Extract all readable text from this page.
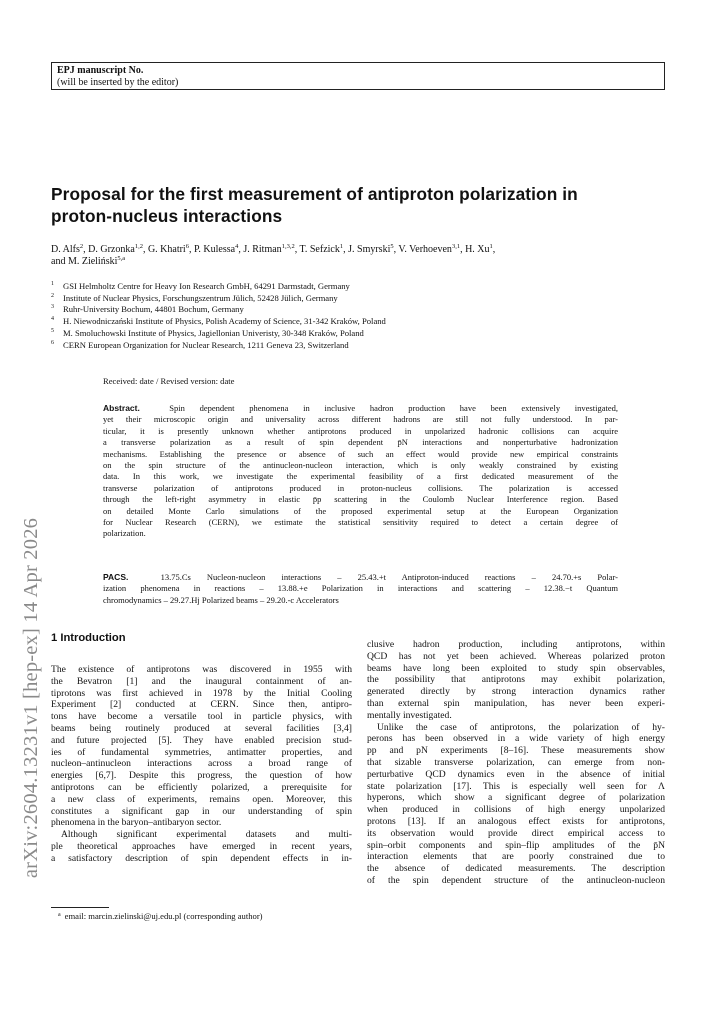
EPJ manuscript No.
(will be inserted by the editor)
Proposal for the first measurement of antiproton polarization in
proton-nucleus interactions
D. Alfs$^2$, D. Grzonka$^{1,2}$, G. Khatri$^6$, P. Kulessa$^4$, J. Ritman$^{1,3,2}$, T. Sefzick$^1$, J. Smyrski$^5$, V. Verhoeven$^{3,1}$, H. Xu$^1$,
and M. Zieliński$^{5,a}$
1 GSI Helmholtz Centre for Heavy Ion Research GmbH, 64291 Darmstadt, Germany
2 Institute of Nuclear Physics, Forschungszentrum Jülich, 52428 Jülich, Germany
3 Ruhr-University Bochum, 44801 Bochum, Germany
4 H. Niewodniczański Institute of Physics, Polish Academy of Science, 31-342 Kraków, Poland
5 M. Smoluchowski Institute of Physics, Jagiellonian Univeristy, 30-348 Kraków, Poland
6 CERN European Organization for Nuclear Research, 1211 Geneva 23, Switzerland
Received: date / Revised version: date
Abstract.	Spin dependent phenomena in inclusive hadron production have been extensively investigated,
yet their microscopic origin and universality across different hadrons are still not fully understood. In par-
ticular, it is presently unknown whether antiprotons produced in unpolarized hadronic collisions can acquire
a transverse polarization as a result of spin dependent p̄N interactions and nonperturbative hadronization
mechanisms. Establishing the presence or absence of such an effect would provide new empirical constraints
on the spin structure of the antinucleon-nucleon interaction, which is only weakly constrained by existing
data. In this work, we investigate the experimental feasibility of a first dedicated measurement of the
transverse polarization of antiprotons produced in proton-nucleus collisions. The polarization is accessed
through the left-right asymmetry in elastic p̄p scattering in the Coulomb Nuclear Interference region. Based
on detailed Monte Carlo simulations of the proposed experimental setup at the European Organization
for Nuclear Research (CERN), we estimate the statistical sensitivity required to detect a certain degree of
polarization.
PACS.	13.75.Cs Nucleon-nucleon interactions – 25.43.+t Antiproton-induced reactions – 24.70.+s Polar-
ization phenomena in reactions – 13.88.+e Polarization in interactions and scattering – 12.38.−t Quantum
chromodynamics – 29.27.Hj Polarized beams – 29.20.-c Accelerators
arXiv:2604.13231v1 [hep-ex] 14 Apr 2026 1 Introduction
The existence of antiprotons was discovered in 1955 with
the Bevatron [1] and the inaugural containment of an-
tiprotons was first achieved in 1978 by the Initial Cooling
Experiment [2] conducted at CERN. Since then, antipro-
tons have become a versatile tool in particle physics, with
beams being routinely produced at several facilities [3,4]
and future projected [5]. They have enabled precision stud-
ies of fundamental symmetries, antimatter properties, and
nucleon–antinucleon interactions across a broad range of
energies [6,7]. Despite this progress, the question of how
antiprotons can be efficiently polarized, a prerequisite for
a new class of experiments, remains open. Moreover, this
constitutes a significant gap in our understanding of spin
phenomena in the baryon–antibaryon sector.
Although significant experimental datasets and multi-
ple theoretical approaches have emerged in recent years,
a satisfactory description of spin dependent effects in in-
clusive hadron production, including antiprotons, within
QCD has not yet been achieved. Whereas polarized proton
beams have long been exploited to study spin observables,
the possibility that antiprotons may exhibit polarization,
generated directly by strong interaction dynamics rather
than external spin manipulation, has never been experi-
mentally investigated.
Unlike the case of antiprotons, the polarization of hy-
perons has been observed in a wide variety of high energy
pp and pN experiments [8–16]. These measurements show
that sizable transverse polarization, can emerge from non-
perturbative QCD dynamics even in the absence of initial
state polarization [17]. This is especially well seen for Λ
hyperons, which show a significant degree of polarization
when produced in collisions of high energy unpolarized
protons [13]. If an analogous effect exists for antiprotons,
its observation would provide direct empirical access to
spin–orbit components and spin–flip amplitudes of the p̄N
interaction elements that are poorly constrained due to
the absence of dedicated measurements. The description
of the spin dependent structure of the antinucleon-nucleon
$^a$ email: marcin.zielinski@uj.edu.pl (corresponding author)
